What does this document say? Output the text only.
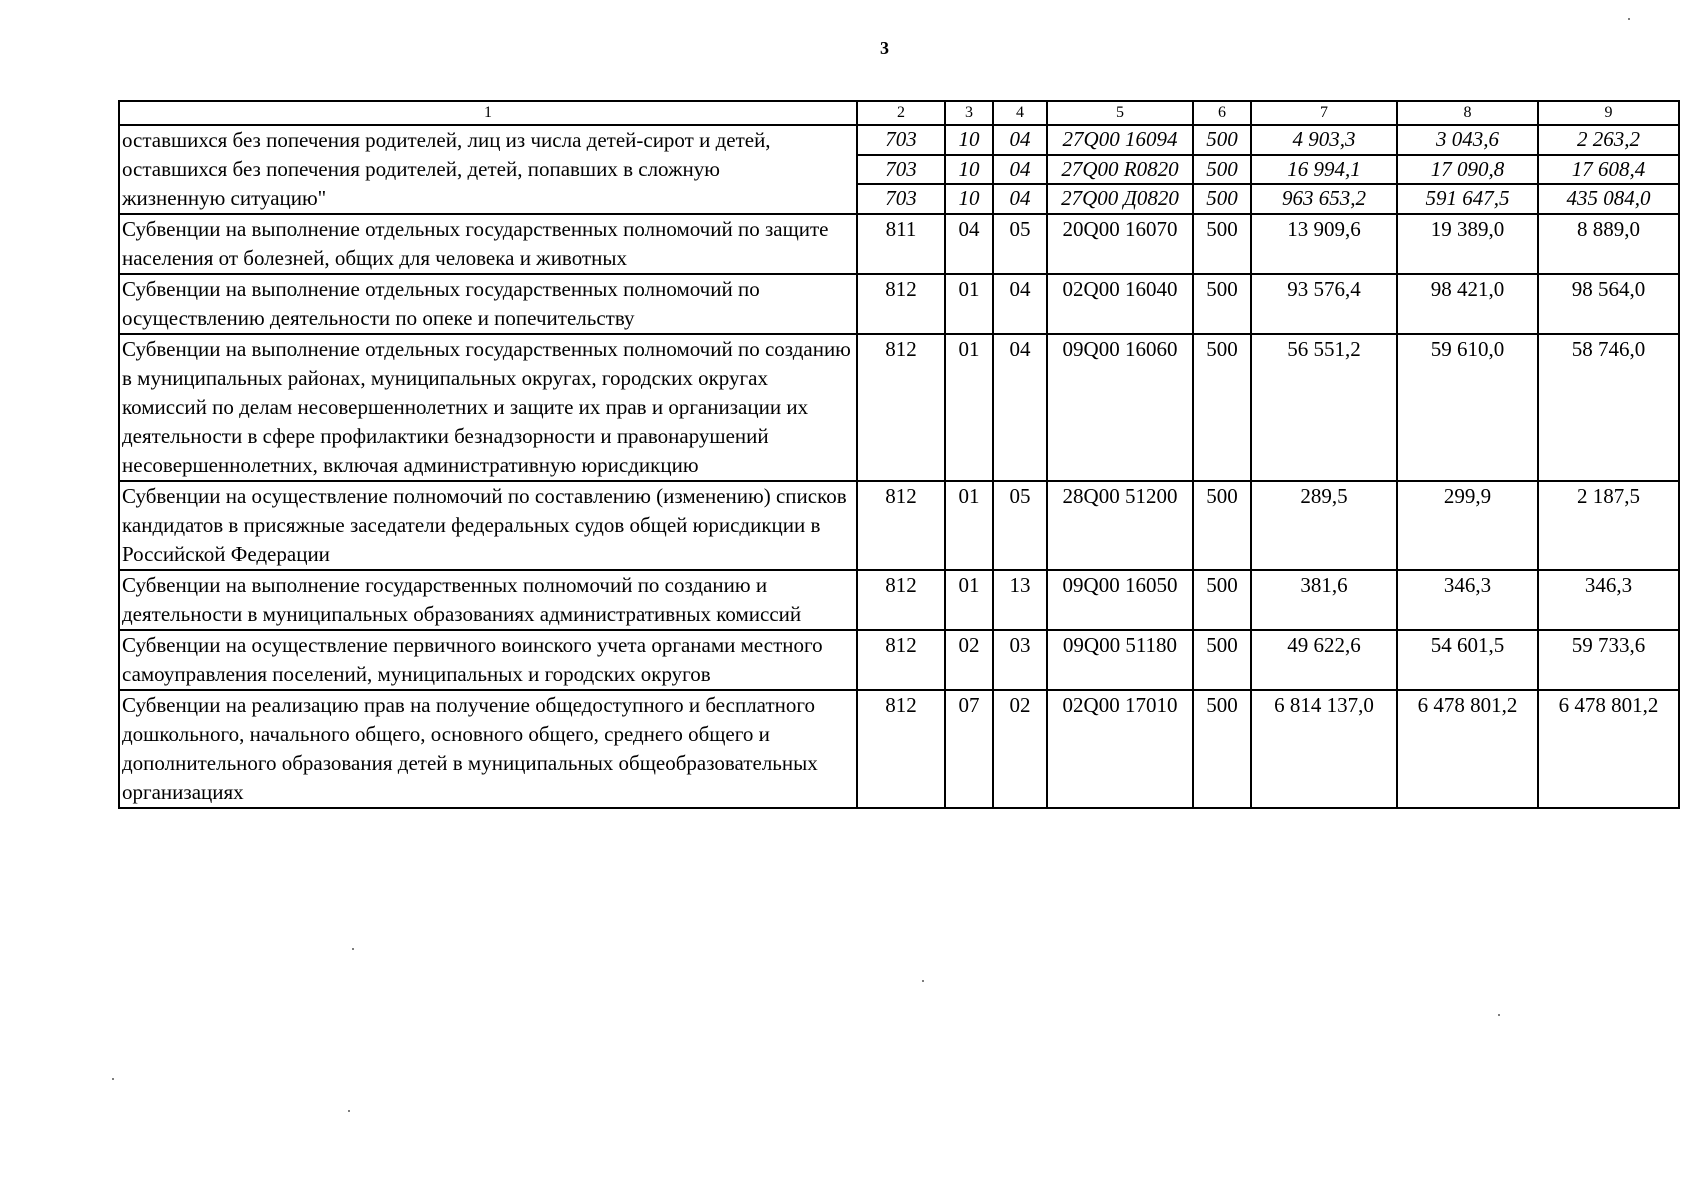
3
1	2	3	4	5	6	7	8	9

оставшихся без попечения родителей, лиц из числа детей-сирот и детей,
оставшихся без попечения родителей, детей, попавших в сложную
жизненную ситуацию"	703	10	04	27Q00 16094	500	4 903,3	3 043,6	2 263,2
	703	10	04	27Q00 R0820	500	16 994,1	17 090,8	17 608,4
	703	10	04	27Q00 Д0820	500	963 653,2	591 647,5	435 084,0
Субвенции на выполнение отдельных государственных полномочий по защите населения от болезней, общих для человека и животных	811	04	05	20Q00 16070	500	13 909,6	19 389,0	8 889,0
Субвенции на выполнение отдельных государственных полномочий по осуществлению деятельности по опеке и попечительству	812	01	04	02Q00 16040	500	93 576,4	98 421,0	98 564,0
Субвенции на выполнение отдельных государственных полномочий по созданию в муниципальных районах, муниципальных округах, городских округах комиссий по делам несовершеннолетних и защите их прав и организации их деятельности в сфере профилактики безнадзорности и правонарушений несовершеннолетних, включая административную юрисдикцию	812	01	04	09Q00 16060	500	56 551,2	59 610,0	58 746,0
Субвенции на осуществление полномочий по составлению (изменению) списков кандидатов в присяжные заседатели федеральных судов общей юрисдикции в Российской Федерации	812	01	05	28Q00 51200	500	289,5	299,9	2 187,5
Субвенции на выполнение государственных полномочий по созданию и деятельности в муниципальных образованиях административных комиссий	812	01	13	09Q00 16050	500	381,6	346,3	346,3
Субвенции на осуществление первичного воинского учета органами местного самоуправления поселений, муниципальных и городских округов	812	02	03	09Q00 51180	500	49 622,6	54 601,5	59 733,6
Субвенции на реализацию прав на получение общедоступного и бесплатного дошкольного, начального общего, основного общего, среднего общего и дополнительного образования детей в муниципальных общеобразовательных организациях	812	07	02	02Q00 17010	500	6 814 137,0	6 478 801,2	6 478 801,2
